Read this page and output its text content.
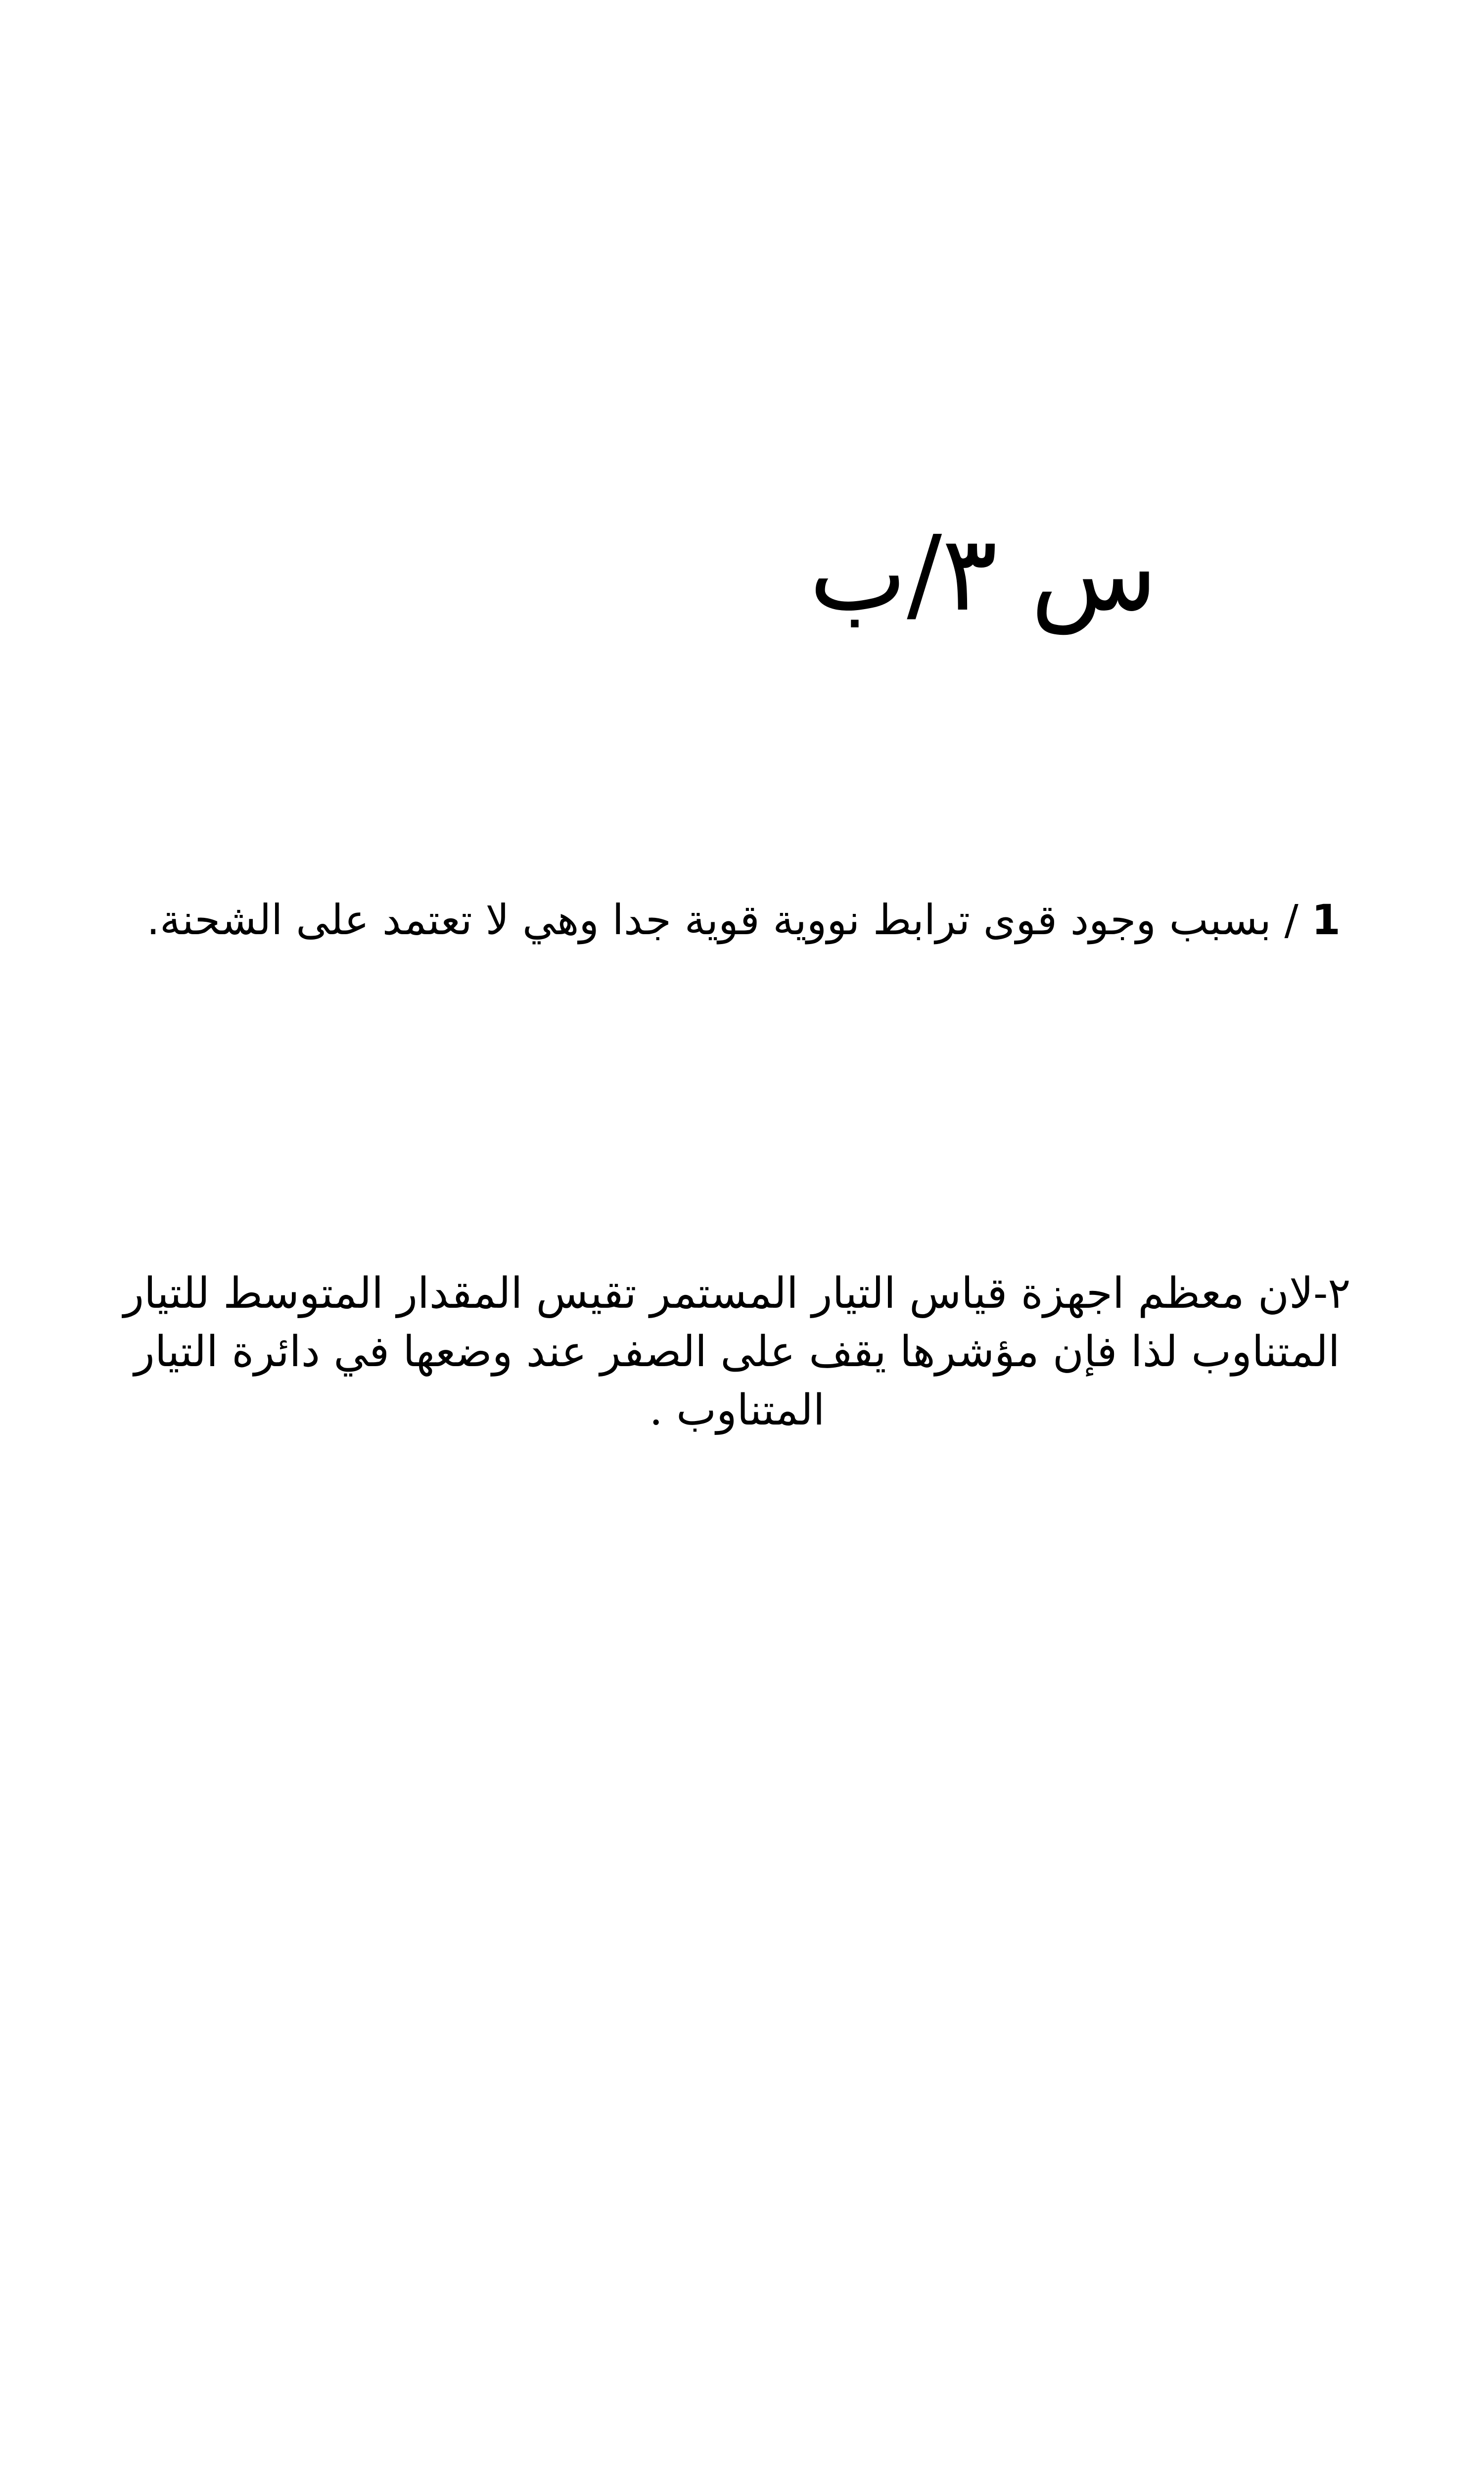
س ٣/ب
1 / بسبب وجود قوى ترابط نووية قوية جدا وهي لا تعتمد على الشحنة.
٢-لان معظم اجهزة قياس التيار المستمر تقيس المقدار المتوسط للتيار المتناوب لذا فإن مؤشرها يقف على الصفر عند وضعها في دائرة التيار المتناوب .
